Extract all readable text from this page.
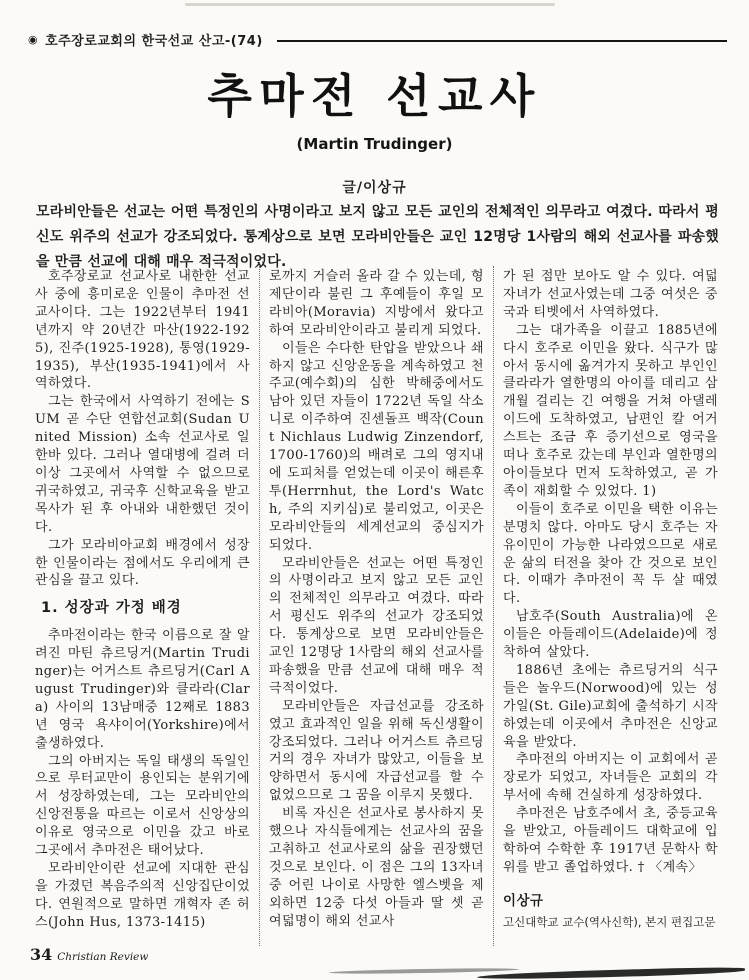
◉ 호주장로교회의 한국선교 산고-(74)
추마전 선교사
(Martin Trudinger)
글/이상규
모라비안들은 선교는 어떤 특정인의 사명이라고 보지 않고 모든 교인의 전체적인 의무라고 여겼다. 따라서 평신도 위주의 선교가 강조되었다. 통계상으로 보면 모라비안들은 교인 12명당 1사람의 해외 선교사를 파송했을 만큼 선교에 대해 매우 적극적이었다.

호주장로교 선교사로 내한한 선교사 중에 흥미로운 인물이 추마전 선교사이다. 그는 1922년부터 1941년까지 약 20년간 마산(1922-1925), 진주(1925-1928), 통영(1929-1935), 부산(1935-1941)에서 사역하였다.

그는 한국에서 사역하기 전에는 SUM 곧 수단 연합선교회(Sudan United Mission) 소속 선교사로 일한바 있다. 그러나 열대병에 걸려 더 이상 그곳에서 사역할 수 없으므로 귀국하였고, 귀국후 신학교육을 받고 목사가 된 후 아내와 내한했던 것이다.

그가 모라비아교회 배경에서 성장한 인물이라는 점에서도 우리에게 큰 관심을 끌고 있다.

1. 성장과 가정 배경

추마전이라는 한국 이름으로 잘 알려진 마틴 츄르딩거(Martin Trudinger)는 어거스트 츄르딩거(Carl August Trudinger)와 클라라(Clara) 사이의 13남매중 12째로 1883년 영국 욕샤이어(Yorkshire)에서 출생하였다.

그의 아버지는 독일 태생의 독일인으로 루터교만이 용인되는 분위기에서 성장하였는데, 그는 모라비안의 신앙전통을 따르는 이로서 신앙상의 이유로 영국으로 이민을 갔고 바로 그곳에서 추마전은 태어났다.

모라비안이란 선교에 지대한 관심을 가졌던 복음주의적 신앙집단이었다. 연원적으로 말하면 개혁자 존 허스(John Hus, 1373-1415)

로까지 거슬러 올라 갈 수 있는데, 형제단이라 불린 그 후예들이 후일 모라비아(Moravia) 지방에서 왔다고 하여 모라비안이라고 불리게 되었다.

이들은 수다한 탄압을 받았으나 쇄하지 않고 신앙운동을 계속하였고 천주교(예수회)의 심한 박해중에서도 남아 있던 자들이 1722년 독일 삭소니로 이주하여 진센돌프 백작(Count Nichlaus Ludwig Zinzendorf, 1700-1760)의 배려로 그의 영지내에 도피처를 얻었는데 이곳이 해른후투(Herrnhut, the Lord's Watch, 주의 지키심)로 불리었고, 이곳은 모라비안들의 세계선교의 중심지가 되었다.

모라비안들은 선교는 어떤 특정인의 사명이라고 보지 않고 모든 교인의 전체적인 의무라고 여겼다. 따라서 평신도 위주의 선교가 강조되었다. 통계상으로 보면 모라비안들은 교인 12명당 1사람의 해외 선교사를 파송했을 만큼 선교에 대해 매우 적극적이었다.

모라비안들은 자급선교를 강조하였고 효과적인 일을 위해 독신생활이 강조되었다. 그러나 어거스트 츄르딩거의 경우 자녀가 많았고, 이들을 보양하면서 동시에 자급선교를 할 수 없었으므로 그 꿈을 이루지 못했다.

비록 자신은 선교사로 봉사하지 못했으나 자식들에게는 선교사의 꿈을 고취하고 선교사로의 삶을 권장했던 것으로 보인다. 이 점은 그의 13자녀 중 어린 나이로 사망한 엘스벳을 제외하면 12중 다섯 아들과 딸 셋 곧 여덟명이 해외 선교사

가 된 점만 보아도 알 수 있다. 여덟 자녀가 선교사였는데 그중 여섯은 중국과 티벳에서 사역하였다.

그는 대가족을 이끌고 1885년에 다시 호주로 이민을 왔다. 식구가 많아서 동시에 옮겨가지 못하고 부인인 클라라가 열한명의 아이를 데리고 삼개월 걸리는 긴 여행을 거쳐 아댈레이드에 도착하였고, 남편인 칼 어거스트는 조금 후 증기선으로 영국을 떠나 호주로 갔는데 부인과 열한명의 아이들보다 먼저 도착하였고, 곧 가족이 재회할 수 있었다. 1)

이들이 호주로 이민을 택한 이유는 분명치 않다. 아마도 당시 호주는 자유이민이 가능한 나라였으므로 새로운 삶의 터전을 찾아 간 것으로 보인다. 이때가 추마전이 꼭 두 살 때였다.

남호주(South Australia)에 온 이들은 아들레이드(Adelaide)에 정착하여 살았다.

1886년 초에는 츄르딩거의 식구들은 놀우드(Norwood)에 있는 성 가일(St. Gile)교회에 출석하기 시작하였는데 이곳에서 추마전은 신앙교육을 받았다.

추마전의 아버지는 이 교회에서 곧 장로가 되었고, 자녀들은 교회의 각 부서에 속해 건실하게 성장하였다.

추마전은 남호주에서 초, 중등교육을 받았고, 아들레이드 대학교에 입학하여 수학한 후 1917년 문학사 학위를 받고 졸업하였다. † 〈계속〉

이상규
고신대학교 교수(역사신학), 본지 편집고문
34 Christian Review
